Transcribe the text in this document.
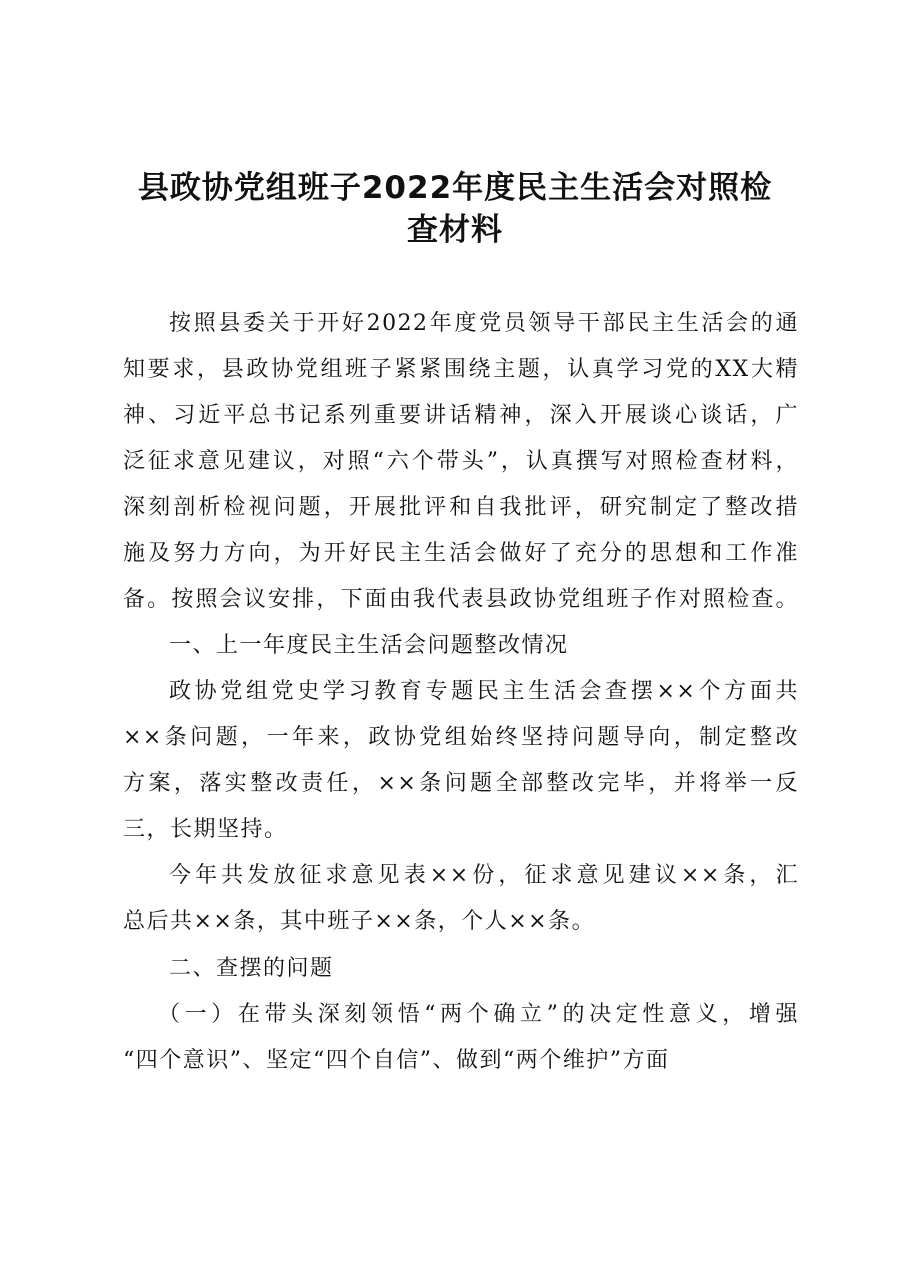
县政协党组班子2022年度民主生活会对照检
查材料
按照县委关于开好2022年度党员领导干部民主生活会的通
知要求，县政协党组班子紧紧围绕主题，认真学习党的XX大精
神、习近平总书记系列重要讲话精神，深入开展谈心谈话，广
泛征求意见建议，对照“六个带头”，认真撰写对照检查材料，
深刻剖析检视问题，开展批评和自我批评，研究制定了整改措
施及努力方向，为开好民主生活会做好了充分的思想和工作准
备。按照会议安排，下面由我代表县政协党组班子作对照检查。
一、上一年度民主生活会问题整改情况
政协党组党史学习教育专题民主生活会查摆××个方面共
××条问题，一年来，政协党组始终坚持问题导向，制定整改
方案，落实整改责任，××条问题全部整改完毕，并将举一反
三，长期坚持。
今年共发放征求意见表××份，征求意见建议××条，汇
总后共××条，其中班子××条，个人××条。
二、查摆的问题
（一）在带头深刻领悟“两个确立”的决定性意义，增强
“四个意识”、坚定“四个自信”、做到“两个维护”方面
